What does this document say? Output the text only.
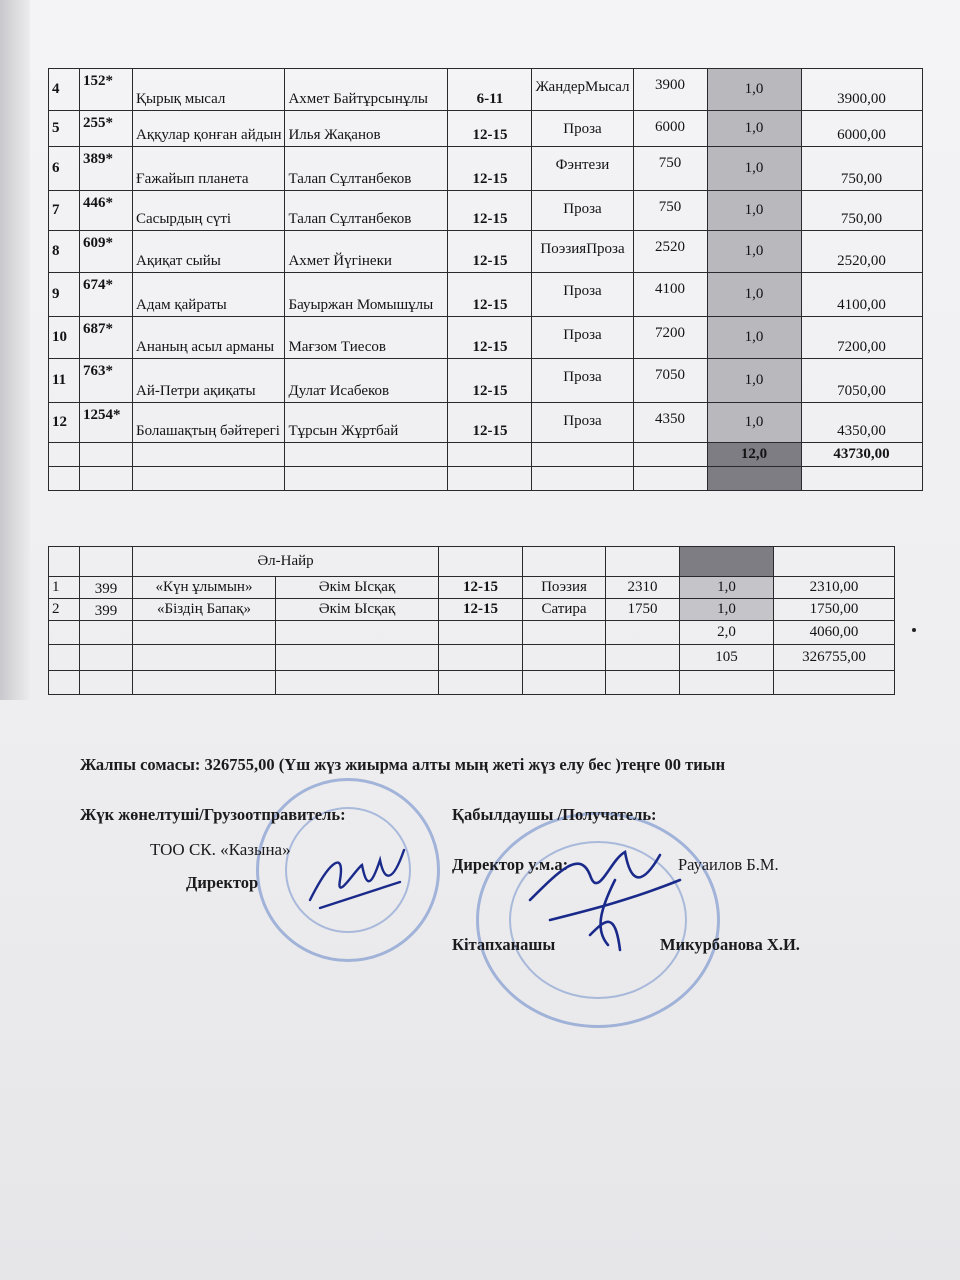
4	152*	Қырық мысал	Ахмет Байтұрсынұлы	6-11	ЖандерМысал	3900	1,0	3900,00
5	255*	Аққулар қонған айдын	Илья Жақанов	12-15	Проза	6000	1,0	6000,00
6	389*	Ғажайып планета	Талап Сұлтанбеков	12-15	Фэнтези	750	1,0	750,00
7	446*	Сасырдың сүті	Талап Сұлтанбеков	12-15	Проза	750	1,0	750,00
8	609*	Ақиқат сыйы	Ахмет Йүгінеки	12-15	ПоэзияПроза	2520	1,0	2520,00
9	674*	Адам қайраты	Бауыржан Момышұлы	12-15	Проза	4100	1,0	4100,00
10	687*	Ананың асыл арманы	Мағзом Тиесов	12-15	Проза	7200	1,0	7200,00
11	763*	Ай-Петри ақиқаты	Дулат Исабеков	12-15	Проза	7050	1,0	7050,00
12	1254*	Болашақтың бәйтерегі	Тұрсын Жұртбай	12-15	Проза	4350	1,0	4350,00
							12,0	43730,00

		Әл-Найр						
1	399	«Күн ұлымын»	Әкім Ысқақ	12-15	Поэзия	2310	1,0	2310,00
2	399	«Біздің Бапақ»	Әкім Ысқақ	12-15	Сатира	1750	1,0	1750,00
							2,0	4060,00
							105	326755,00

Жалпы сомасы: 326755,00 (Үш жүз жиырма алты мың жеті жүз елу бес )теңге 00 тиын
Жүк жөнелтуші/Грузоотправитель:	Қабылдаушы /Получатель:
ТОО СК. «Казына»
Директор у.м.а:	Рауаилов Б.М.
Директор
Кітапханашы	Микурбанова Х.И.
